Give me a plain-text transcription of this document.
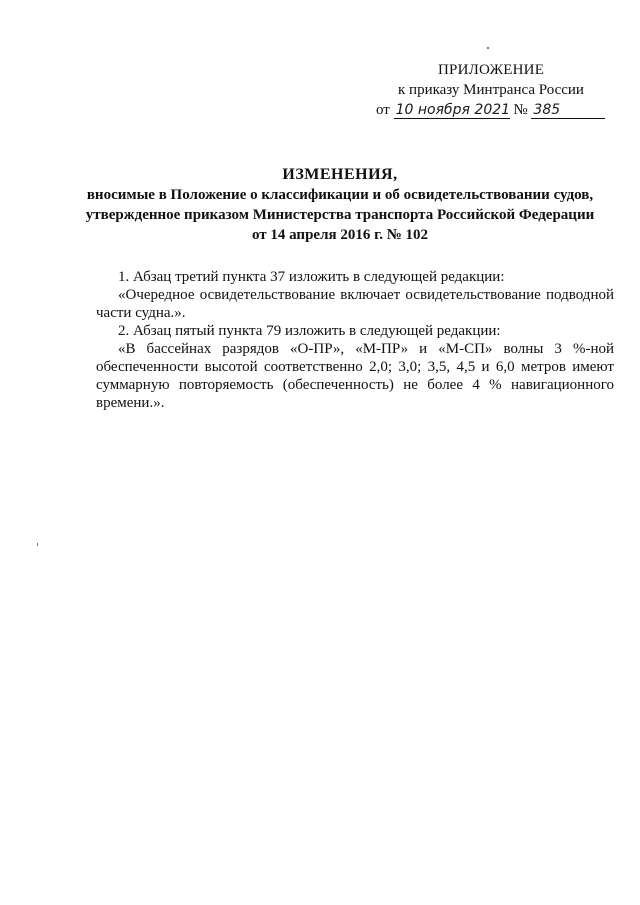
ПРИЛОЖЕНИЕ
к приказу Минтранса России
от 10 ноября 2021 № 385
ИЗМЕНЕНИЯ,
вносимые в Положение о классификации и об освидетельствовании судов,
утвержденное приказом Министерства транспорта Российской Федерации
от 14 апреля 2016 г. № 102

1. Абзац третий пункта 37 изложить в следующей редакции:

«Очередное освидетельствование включает освидетельствование подводной части судна.».

2. Абзац пятый пункта 79 изложить в следующей редакции:

«В бассейнах разрядов «О-ПР», «М-ПР» и «М-СП» волны 3 %-ной обеспеченности высотой соответственно 2,0; 3,0; 3,5, 4,5 и 6,0 метров имеют суммарную повторяемость (обеспеченность) не более 4 % навигационного времени.».
